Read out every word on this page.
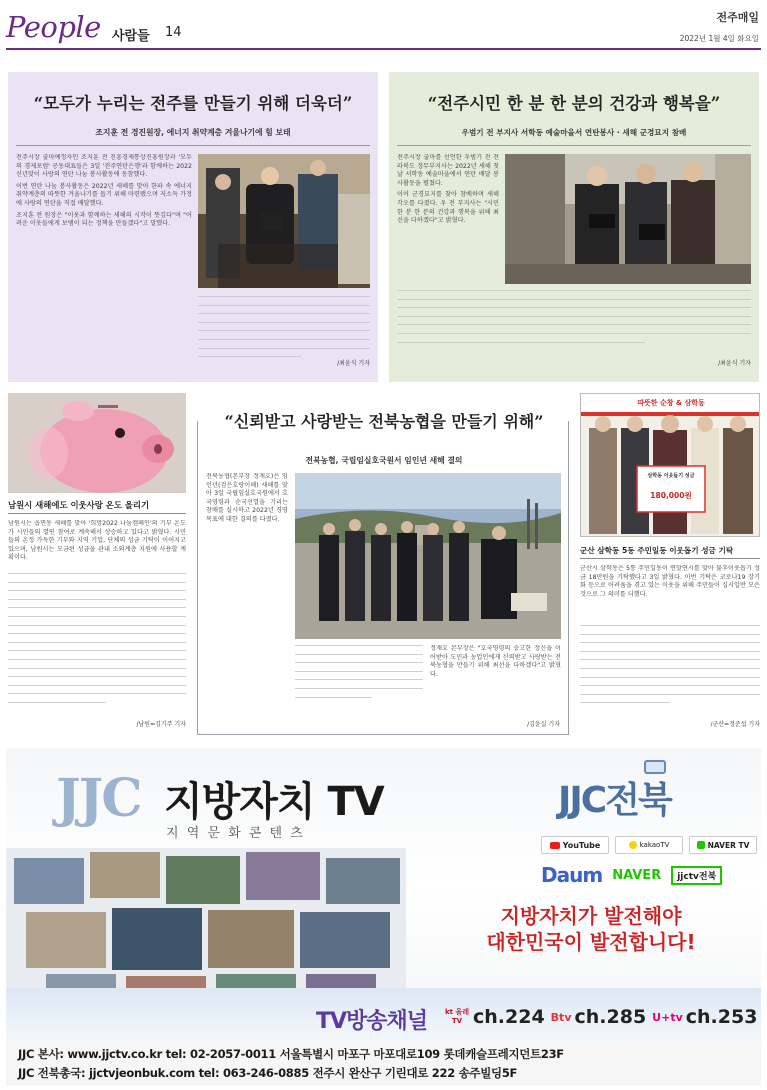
People 사람들 14
전주매일
2022년 1월 4일 화요일
“모두가 누리는 전주를 만들기 위해 더욱더”
조지훈 전 경진원장, 에너지 취약계층 겨울나기에 힘 보태

전주시장 출마예정자인 조지훈 전 진흥경제통상진흥원장과 '모두의 경제포럼' 공동대표들은 3일 '전주연탄은행'과 함께하는 2022 신년맞이 사랑의 연탄 나눔 봉사활동에 동참했다.

이번 연탄 나눔 봉사활동은 2022년 새해를 맞아 한파 속 에너지 취약계층의 따뜻한 겨울나기를 돕기 위해 마련됐으며 저소득 가정에 사랑의 연탄을 직접 배달했다.

조지훈 전 원장은 "이웃과 함께하는 새해의 시작이 뜻깊다"며 "어려운 이웃들에게 보탬이 되는 정책을 만들겠다"고 말했다.

/최윤식 기자
“전주시민 한 분 한 분의 건강과 행복을”
우범기 전 부지사 서학동 예술마을서 연탄봉사 · 새해 군경묘지 참배

전주시장 출마를 선언한 우범기 전 전라북도 정무부지사는 2022년 새해 첫날 서학동 예술마을에서 연탄 배달 봉사활동을 펼쳤다.

이어 군경묘지를 찾아 참배하며 새해 각오를 다졌다. 우 전 부지사는 "시민 한 분 한 분의 건강과 행복을 위해 최선을 다하겠다"고 밝혔다.

/최윤식 기자
남원시 새해에도 이웃사랑 온도 올리기

남원시는 읍면동 새해를 맞아 '희망2022 나눔캠페인'의 기부 온도가 시민들의 열띤 참여로 계속해서 상승하고 있다고 밝혔다. 시민들의 온정 가득한 기부와 지역 기업, 단체의 성금 기탁이 이어지고 있으며, 남원시는 모금된 성금을 관내 소외계층 지원에 사용할 계획이다.

/남원=김기주 기자
“신뢰받고 사랑받는 전북농협을 만들기 위해”
전북농협, 국립임실호국원서 임인년 새해 결의

전북농협(본부장 정재호)은 임인년(검은호랑이해) 새해를 맞아 3일 국립임실호국원에서 호국영령과 순국선열을 기리는 참배를 실시하고 2022년 경영목표에 대한 결의를 다졌다.

정재호 본부장은 "호국영령의 숭고한 정신을 이어받아 도민과 농업인에게 신뢰받고 사랑받는 전북농협을 만들기 위해 최선을 다하겠다"고 밝혔다.

/김윤실 기자
따뜻한 순창 & 삼학동
삼학동 이웃돕기 성금
180,000원
군산 삼학동 5동 주민일동 이웃돕기 성금 기탁

군산시 삼학동은 5통 주민일동이 연말연시를 맞아 불우이웃돕기 성금 18만원을 기탁했다고 3일 밝혔다. 이번 기탁은 코로나19 장기화 등으로 어려움을 겪고 있는 이웃을 위해 주민들이 십시일반 모은 것으로 그 의미를 더했다.

/군산=정준섭 기자
JJC 지방자치 TV
지 역 문 화 콘 텐 츠
JJC전북
YouTube	kakaoTV	NAVER TV
Daum NAVER	jjctv전북
지방자치가 발전해야
대한민국이 발전합니다!
TV방송채널	kt 올레TV ch.224 Btv ch.285 U+tv ch.253
JJC 본사: www.jjctv.co.kr tel: 02-2057-0011 서울특별시 마포구 마포대로109 롯데캐슬프레지던트23F
JJC 전북총국: jjctvjeonbuk.com tel: 063-246-0885 전주시 완산구 기린대로 222 송주빌딩5F
